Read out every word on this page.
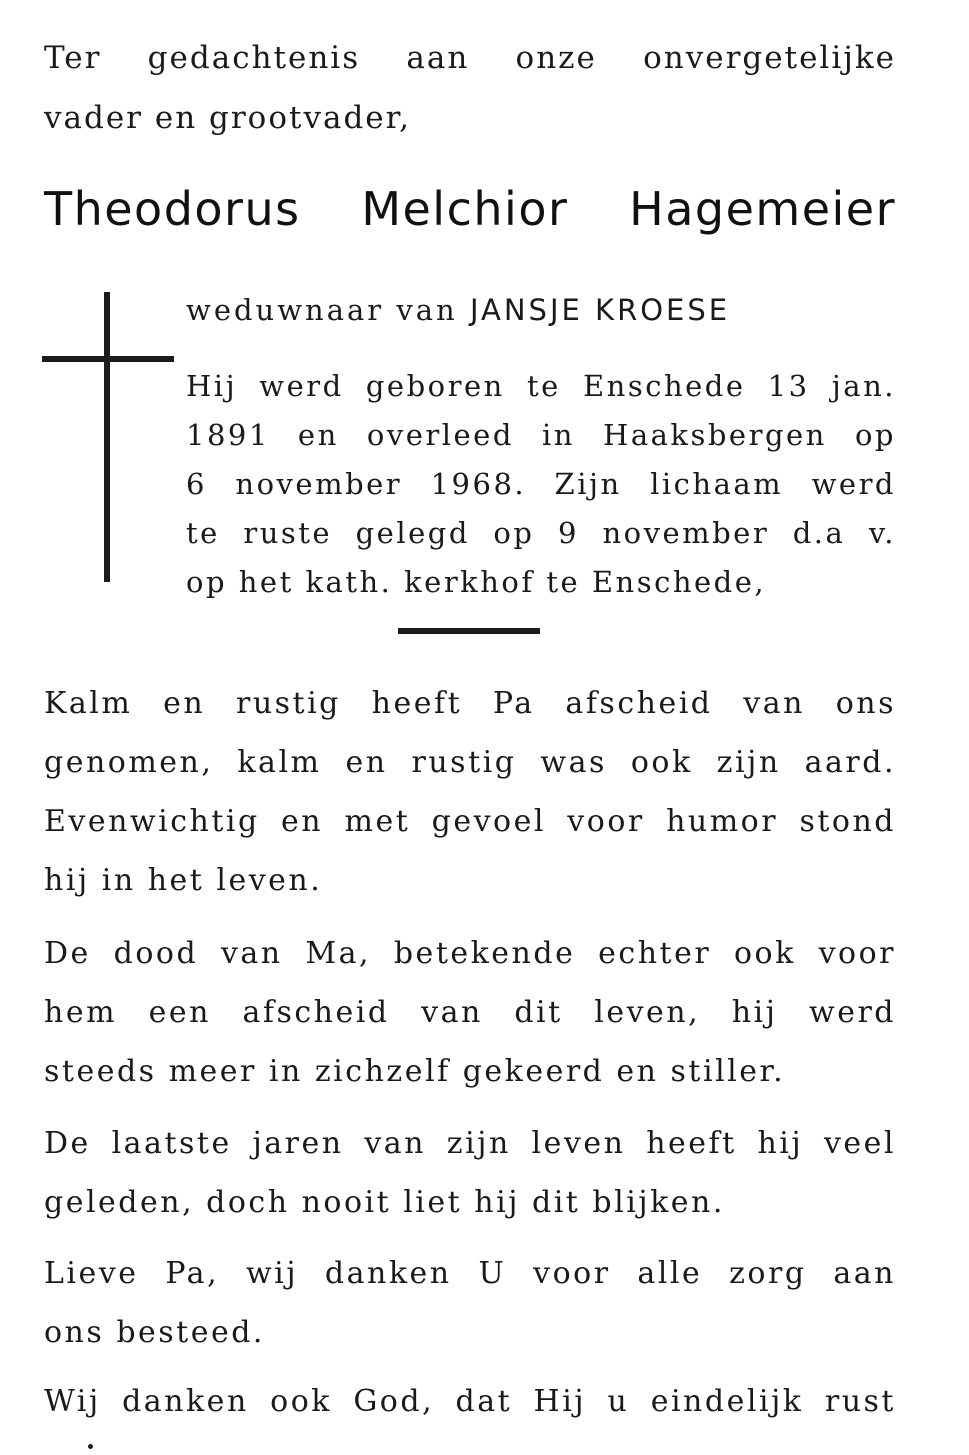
Ter gedachtenis aan onze onvergetelijke
vader en grootvader,
Theodorus Melchior Hagemeier
weduwnaar van JANSJE KROESE
Hij werd geboren te Enschede 13 jan.
1891 en overleed in Haaksbergen op
6 november 1968. Zijn lichaam werd
te ruste gelegd op 9 november d.a v.
op het kath. kerkhof te Enschede,
Kalm en rustig heeft Pa afscheid van ons
genomen, kalm en rustig was ook zijn aard.
Evenwichtig en met gevoel voor humor stond
hij in het leven.
De dood van Ma, betekende echter ook voor
hem een afscheid van dit leven, hij werd
steeds meer in zichzelf gekeerd en stiller.
De laatste jaren van zijn leven heeft hij veel
geleden, doch nooit liet hij dit blijken.
Lieve Pa, wij danken U voor alle zorg aan
ons besteed.
Wij danken ook God, dat Hij u eindelijk rust
